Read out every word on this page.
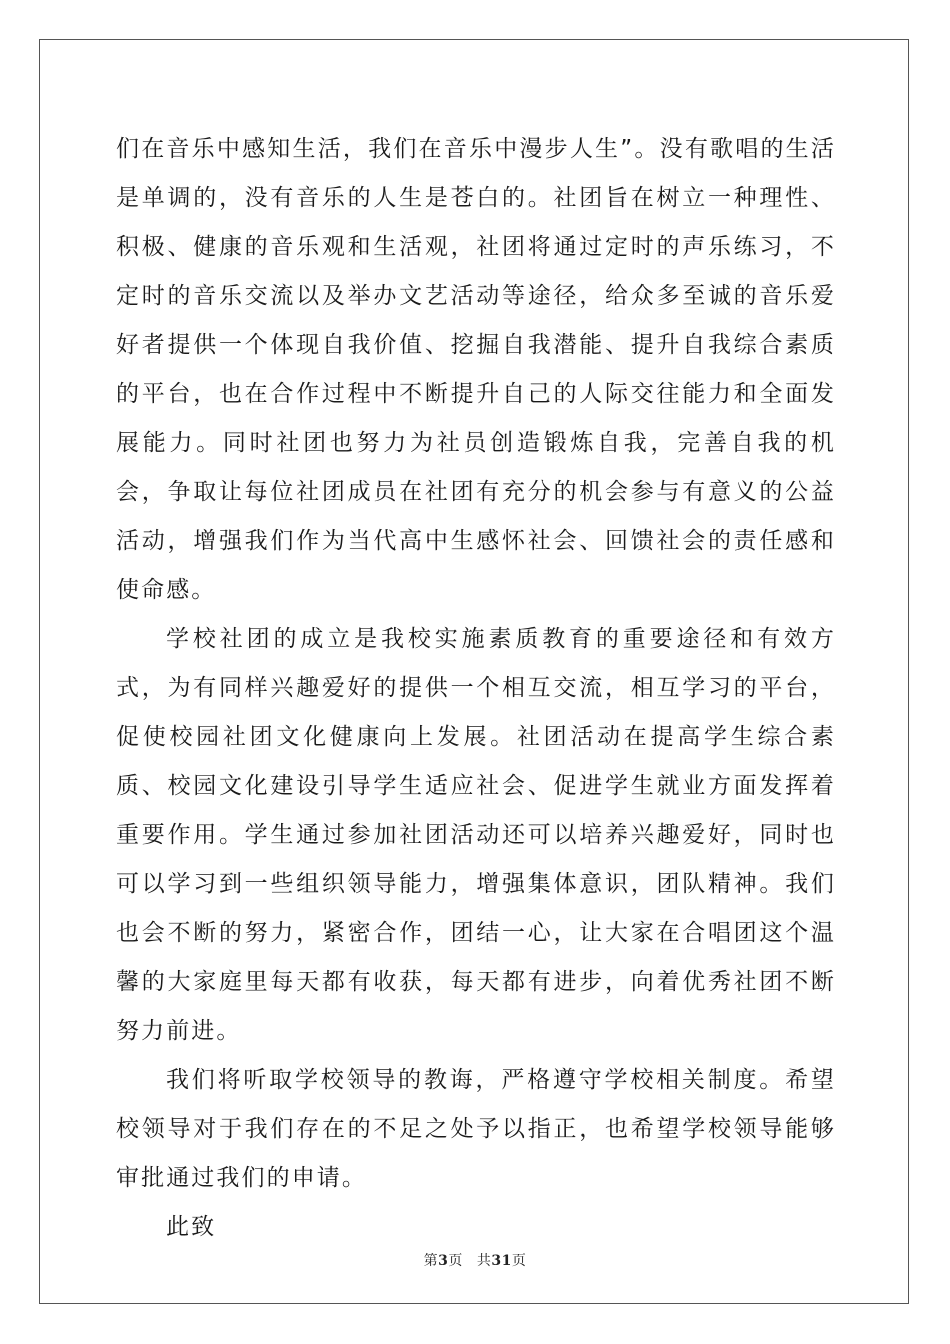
们在音乐中感知生活，我们在音乐中漫步人生”。没有歌唱的生活是单调的，没有音乐的人生是苍白的。社团旨在树立一种理性、积极、健康的音乐观和生活观，社团将通过定时的声乐练习，不定时的音乐交流以及举办文艺活动等途径，给众多至诚的音乐爱好者提供一个体现自我价值、挖掘自我潜能、提升自我综合素质的平台，也在合作过程中不断提升自己的人际交往能力和全面发展能力。同时社团也努力为社员创造锻炼自我，完善自我的机会，争取让每位社团成员在社团有充分的机会参与有意义的公益活动，增强我们作为当代高中生感怀社会、回馈社会的责任感和使命感。

学校社团的成立是我校实施素质教育的重要途径和有效方式，为有同样兴趣爱好的提供一个相互交流，相互学习的平台，促使校园社团文化健康向上发展。社团活动在提高学生综合素质、校园文化建设引导学生适应社会、促进学生就业方面发挥着重要作用。学生通过参加社团活动还可以培养兴趣爱好，同时也可以学习到一些组织领导能力，增强集体意识，团队精神。我们也会不断的努力，紧密合作，团结一心，让大家在合唱团这个温馨的大家庭里每天都有收获，每天都有进步，向着优秀社团不断努力前进。

我们将听取学校领导的教诲，严格遵守学校相关制度。希望校领导对于我们存在的不足之处予以指正，也希望学校领导能够审批通过我们的申请。

此致

第3页 共31页
